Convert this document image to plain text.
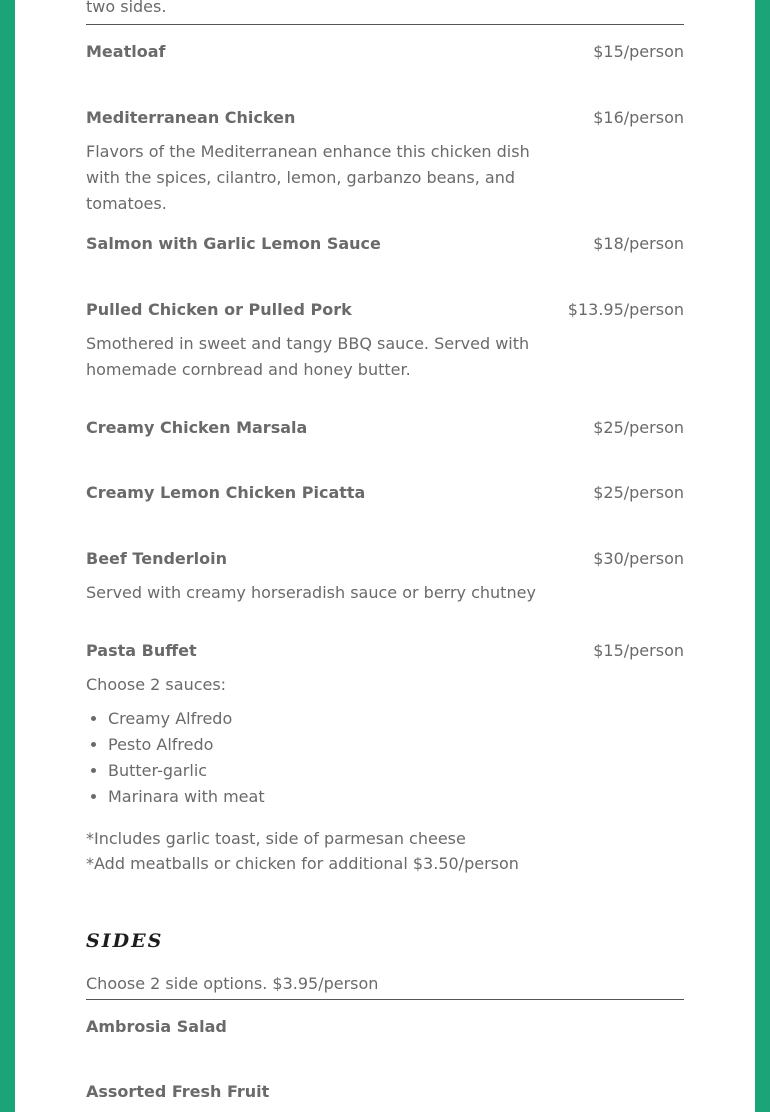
two sides.
Meatloaf	$15/person
Mediterranean Chicken	$16/person
Flavors of the Mediterranean enhance this chicken dish with the spices, cilantro, lemon, garbanzo beans, and tomatoes.
Salmon with Garlic Lemon Sauce	$18/person
Pulled Chicken or Pulled Pork	$13.95/person
Smothered in sweet and tangy BBQ sauce. Served with homemade cornbread and honey butter.
Creamy Chicken Marsala	$25/person
Creamy Lemon Chicken Picatta	$25/person
Beef Tenderloin	$30/person
Served with creamy horseradish sauce or berry chutney
Pasta Buffet	$15/person
Choose 2 sauces:
• Creamy Alfredo
• Pesto Alfredo
• Butter-garlic
• Marinara with meat
*Includes garlic toast, side of parmesan cheese
*Add meatballs or chicken for additional $3.50/person
SIDES
Choose 2 side options. $3.95/person
Ambrosia Salad
Assorted Fresh Fruit
